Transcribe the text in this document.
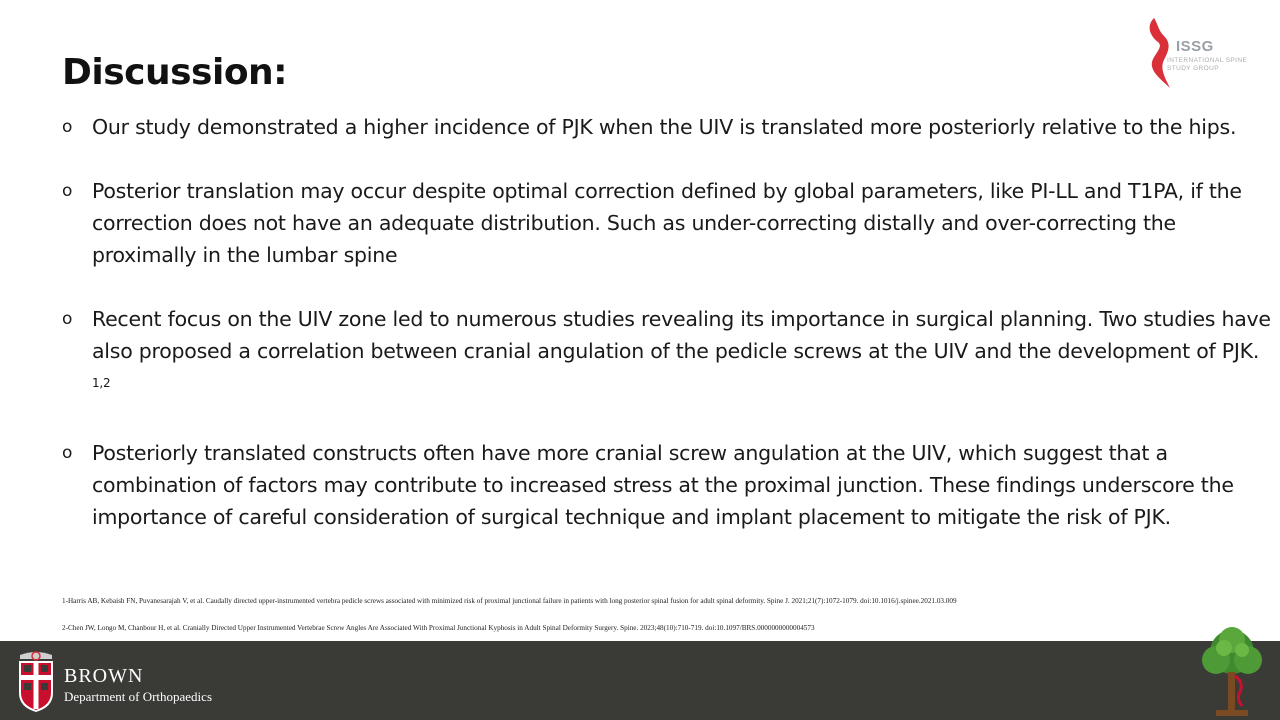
Discussion:
ISSG
INTERNATIONAL SPINE STUDY GROUP
o Our study demonstrated a higher incidence of PJK when the UIV is translated more posteriorly relative to the hips.
o Posterior translation may occur despite optimal correction defined by global parameters, like PI-LL and T1PA, if the correction does not have an adequate distribution. Such as under-correcting distally and over-correcting the proximally in the lumbar spine
o Recent focus on the UIV zone led to numerous studies revealing its importance in surgical planning. Two studies have also proposed a correlation between cranial angulation of the pedicle screws at the UIV and the development of PJK. $^{1,2}$
o Posteriorly translated constructs often have more cranial screw angulation at the UIV, which suggest that a combination of factors may contribute to increased stress at the proximal junction. These findings underscore the importance of careful consideration of surgical technique and implant placement to mitigate the risk of PJK.
1-Harris AB, Kebaish FN, Puvanesarajah V, et al. Caudally directed upper-instrumented vertebra pedicle screws associated with minimized risk of proximal junctional failure in patients with long posterior spinal fusion for adult spinal deformity. Spine J. 2021;21(7):1072-1079. doi:10.1016/j.spinee.2021.03.009
2-Chen JW, Longo M, Chanbour H, et al. Cranially Directed Upper Instrumented Vertebrae Screw Angles Are Associated With Proximal Junctional Kyphosis in Adult Spinal Deformity Surgery. Spine. 2023;48(10):710-719. doi:10.1097/BRS.0000000000004573
BROWN
Department of Orthopaedics
